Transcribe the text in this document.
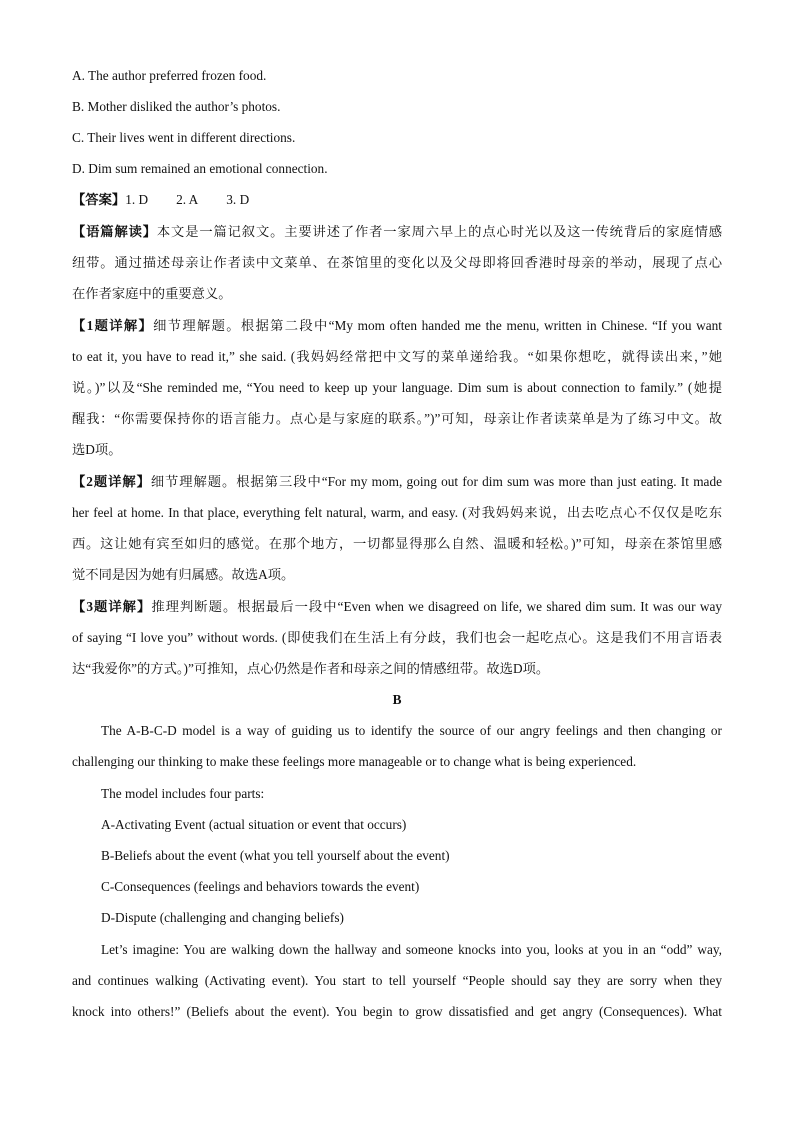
A. The author preferred frozen food.
B. Mother disliked the author’s photos.
C. Their lives went in different directions.
D. Dim sum remained an emotional connection.
【答案】1. D 2. A 3. D
【语篇解读】本文是一篇记叙文。主要讲述了作者一家周六早上的点心时光以及这一传统背后的家庭情感
纽带。通过描述母亲让作者读中文菜单、在茶馆里的变化以及父母即将回香港时母亲的举动，展现了点心
在作者家庭中的重要意义。
【1题详解】细节理解题。根据第二段中“My mom often handed me the menu, written in Chinese. “If you want
to eat it, you have to read it,” she said. (我妈妈经常把中文写的菜单递给我。“如果你想吃，就得读出来，”她
说。)”以及“She reminded me, “You need to keep up your language. Dim sum is about connection to family.” (她提
醒我：“你需要保持你的语言能力。点心是与家庭的联系。”)”可知，母亲让作者读菜单是为了练习中文。故
选D项。
【2题详解】细节理解题。根据第三段中“For my mom, going out for dim sum was more than just eating. It made
her feel at home. In that place, everything felt natural, warm, and easy. (对我妈妈来说，出去吃点心不仅仅是吃东
西。这让她有宾至如归的感觉。在那个地方，一切都显得那么自然、温暖和轻松。)”可知，母亲在茶馆里感
觉不同是因为她有归属感。故选A项。
【3题详解】推理判断题。根据最后一段中“Even when we disagreed on life, we shared dim sum. It was our way
of saying “I love you” without words. (即使我们在生活上有分歧，我们也会一起吃点心。这是我们不用言语表
达“我爱你”的方式。)”可推知，点心仍然是作者和母亲之间的情感纽带。故选D项。
B
The A-B-C-D model is a way of guiding us to identify the source of our angry feelings and then changing or
challenging our thinking to make these feelings more manageable or to change what is being experienced.
The model includes four parts:
A-Activating Event (actual situation or event that occurs)
B-Beliefs about the event (what you tell yourself about the event)
C-Consequences (feelings and behaviors towards the event)
D-Dispute (challenging and changing beliefs)
Let’s imagine: You are walking down the hallway and someone knocks into you, looks at you in an “odd” way,
and continues walking (Activating event). You start to tell yourself “People should say they are sorry when they
knock into others!” (Beliefs about the event). You begin to grow dissatisfied and get angry (Consequences). What
